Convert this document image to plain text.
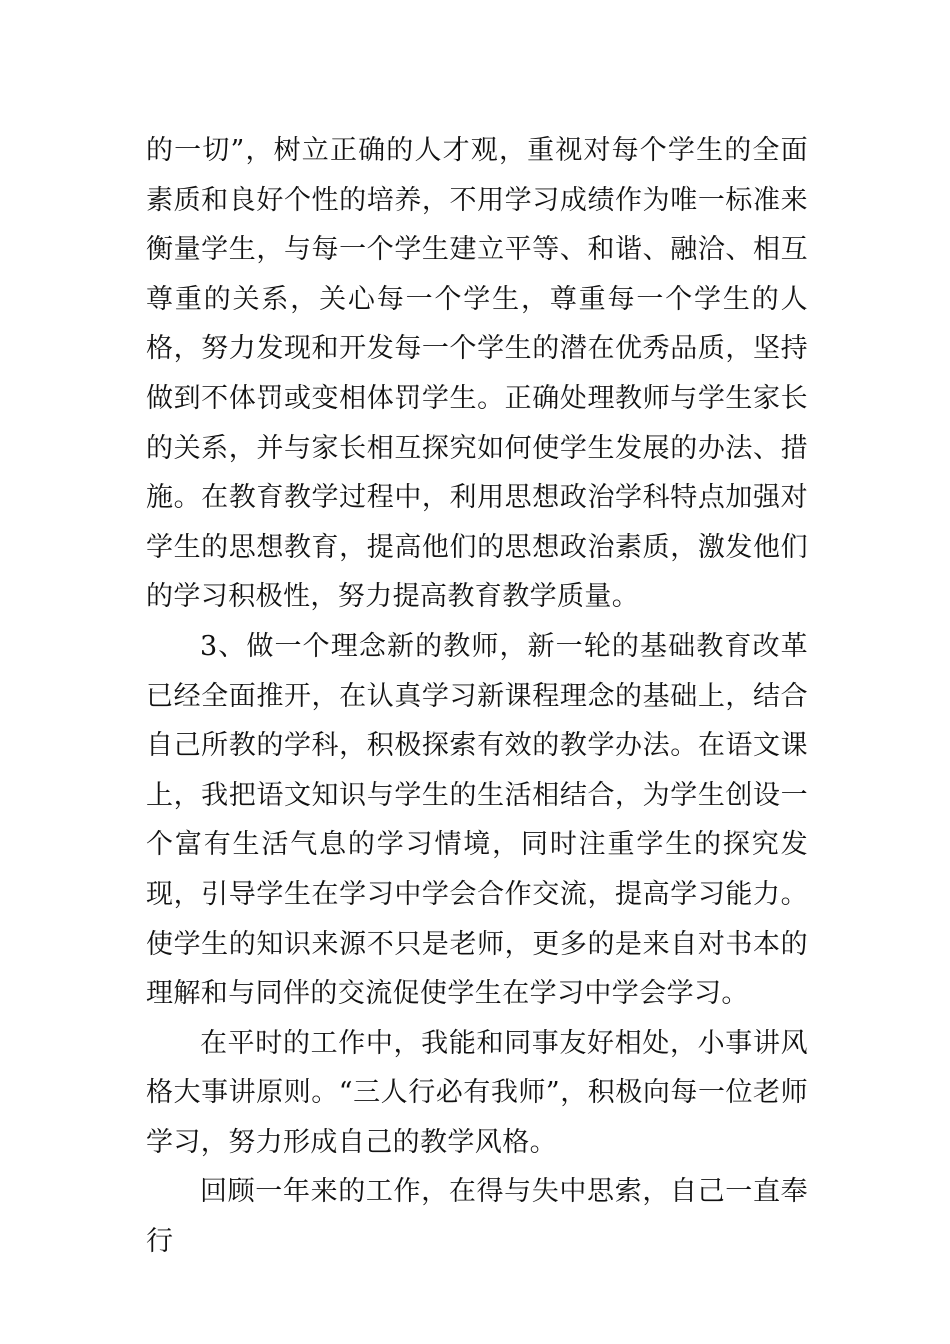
的一切”，树立正确的人才观，重视对每个学生的全面素质和良好个性的培养，不用学习成绩作为唯一标准来衡量学生，与每一个学生建立平等、和谐、融洽、相互尊重的关系，关心每一个学生，尊重每一个学生的人格，努力发现和开发每一个学生的潜在优秀品质，坚持做到不体罚或变相体罚学生。正确处理教师与学生家长的关系，并与家长相互探究如何使学生发展的办法、措施。在教育教学过程中，利用思想政治学科特点加强对学生的思想教育，提高他们的思想政治素质，激发他们的学习积极性，努力提高教育教学质量。

3、做一个理念新的教师，新一轮的基础教育改革已经全面推开，在认真学习新课程理念的基础上，结合自己所教的学科，积极探索有效的教学办法。在语文课上，我把语文知识与学生的生活相结合，为学生创设一个富有生活气息的学习情境，同时注重学生的探究发现，引导学生在学习中学会合作交流，提高学习能力。使学生的知识来源不只是老师，更多的是来自对书本的理解和与同伴的交流促使学生在学习中学会学习。

在平时的工作中，我能和同事友好相处，小事讲风格大事讲原则。“三人行必有我师”，积极向每一位老师学习，努力形成自己的教学风格。

回顾一年来的工作，在得与失中思索，自己一直奉行
